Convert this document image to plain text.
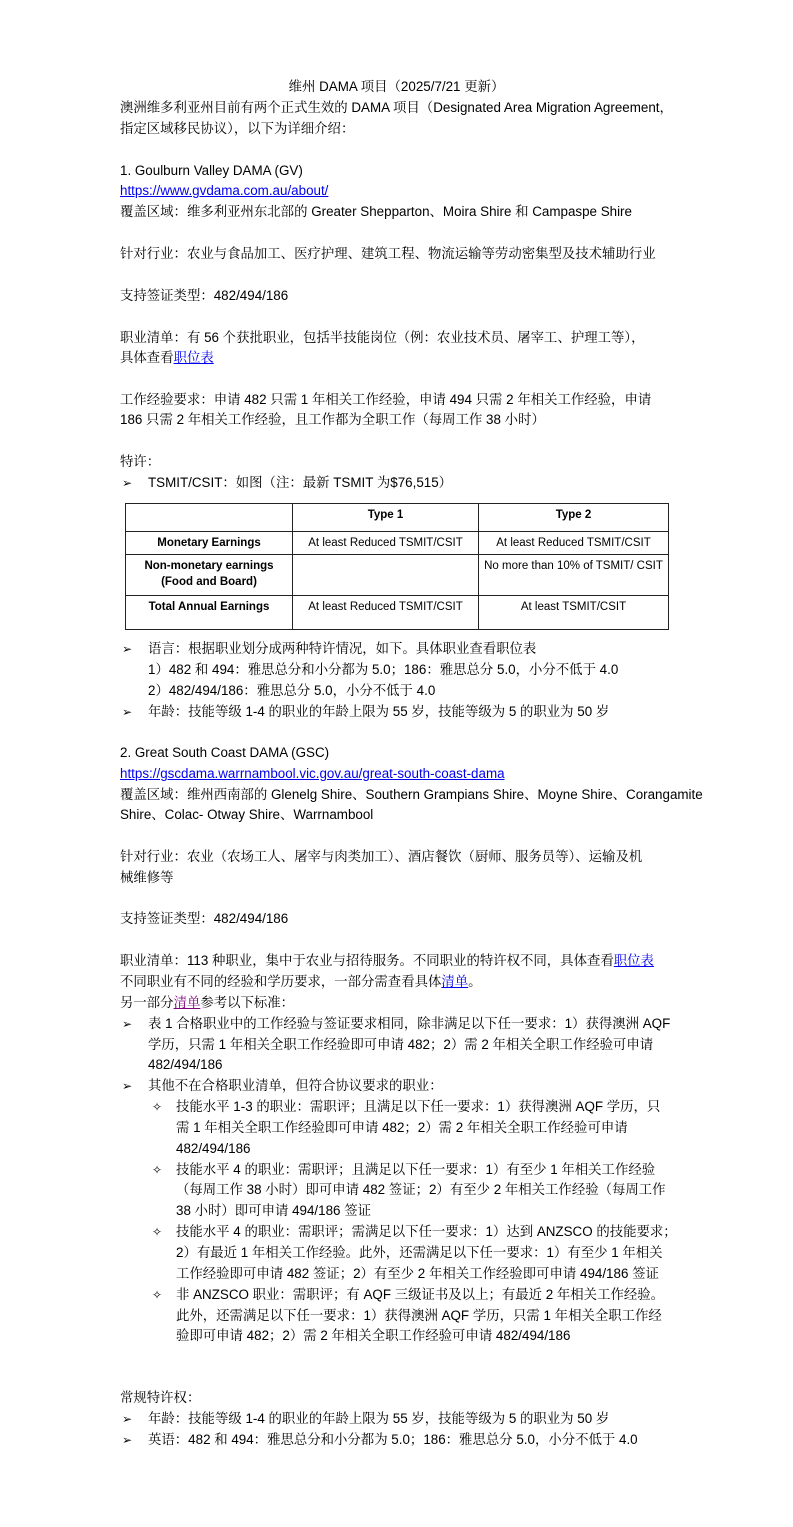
维州 DAMA 项目（2025/7/21 更新）
澳洲维多利亚州目前有两个正式生效的 DAMA 项目（Designated Area Migration Agreement，
指定区域移民协议），以下为详细介绍：
1. Goulburn Valley DAMA (GV)
https://www.gvdama.com.au/about/
覆盖区域：维多利亚州东北部的 Greater Shepparton、Moira Shire 和 Campaspe Shire
针对行业：农业与食品加工、医疗护理、建筑工程、物流运输等劳动密集型及技术辅助行业
支持签证类型：482/494/186
职业清单：有 56 个获批职业，包括半技能岗位（例：农业技术员、屠宰工、护理工等），
具体查看职位表
工作经验要求：申请 482 只需 1 年相关工作经验，申请 494 只需 2 年相关工作经验，申请
186 只需 2 年相关工作经验，且工作都为全职工作（每周工作 38 小时）
特许：
➢ TSMIT/CSIT：如图（注：最新 TSMIT 为$76,515）
➢ 语言：根据职业划分成两种特许情况，如下。具体职业查看职位表
1）482 和 494：雅思总分和小分都为 5.0；186：雅思总分 5.0，小分不低于 4.0
2）482/494/186：雅思总分 5.0，小分不低于 4.0
➢ 年龄：技能等级 1-4 的职业的年龄上限为 55 岁，技能等级为 5 的职业为 50 岁
2. Great South Coast DAMA (GSC)
https://gscdama.warrnambool.vic.gov.au/great-south-coast-dama
覆盖区域：维州西南部的 Glenelg Shire、Southern Grampians Shire、Moyne Shire、Corangamite
Shire、Colac- Otway Shire、Warrnambool
针对行业：农业（农场工人、屠宰与肉类加工）、酒店餐饮（厨师、服务员等）、运输及机
械维修等
支持签证类型：482/494/186
职业清单：113 种职业，集中于农业与招待服务。不同职业的特许权不同，具体查看职位表
不同职业有不同的经验和学历要求，一部分需查看具体清单。
另一部分清单参考以下标准：
➢ 表 1 合格职业中的工作经验与签证要求相同，除非满足以下任一要求：1）获得澳洲 AQF
学历，只需 1 年相关全职工作经验即可申请 482；2）需 2 年相关全职工作经验可申请
482/494/186
➢ 其他不在合格职业清单，但符合协议要求的职业：
✧ 技能水平 1-3 的职业：需职评；且满足以下任一要求：1）获得澳洲 AQF 学历，只
需 1 年相关全职工作经验即可申请 482；2）需 2 年相关全职工作经验可申请
482/494/186
✧ 技能水平 4 的职业：需职评；且满足以下任一要求：1）有至少 1 年相关工作经验
（每周工作 38 小时）即可申请 482 签证；2）有至少 2 年相关工作经验（每周工作
38 小时）即可申请 494/186 签证
✧ 技能水平 4 的职业：需职评；需满足以下任一要求：1）达到 ANZSCO 的技能要求；
2）有最近 1 年相关工作经验。此外，还需满足以下任一要求：1）有至少 1 年相关
工作经验即可申请 482 签证；2）有至少 2 年相关工作经验即可申请 494/186 签证
✧ 非 ANZSCO 职业：需职评；有 AQF 三级证书及以上；有最近 2 年相关工作经验。
此外，还需满足以下任一要求：1）获得澳洲 AQF 学历，只需 1 年相关全职工作经
验即可申请 482；2）需 2 年相关全职工作经验可申请 482/494/186
常规特许权：
➢ 年龄：技能等级 1-4 的职业的年龄上限为 55 岁，技能等级为 5 的职业为 50 岁
➢ 英语：482 和 494：雅思总分和小分都为 5.0；186：雅思总分 5.0，小分不低于 4.0
	Type 1	Type 2
Monetary Earnings	At least Reduced TSMIT/CSIT	At least Reduced TSMIT/CSIT
Non-monetary earnings (Food and Board)		No more than 10% of TSMIT/ CSIT
Total Annual Earnings	At least Reduced TSMIT/CSIT	At least TSMIT/CSIT
